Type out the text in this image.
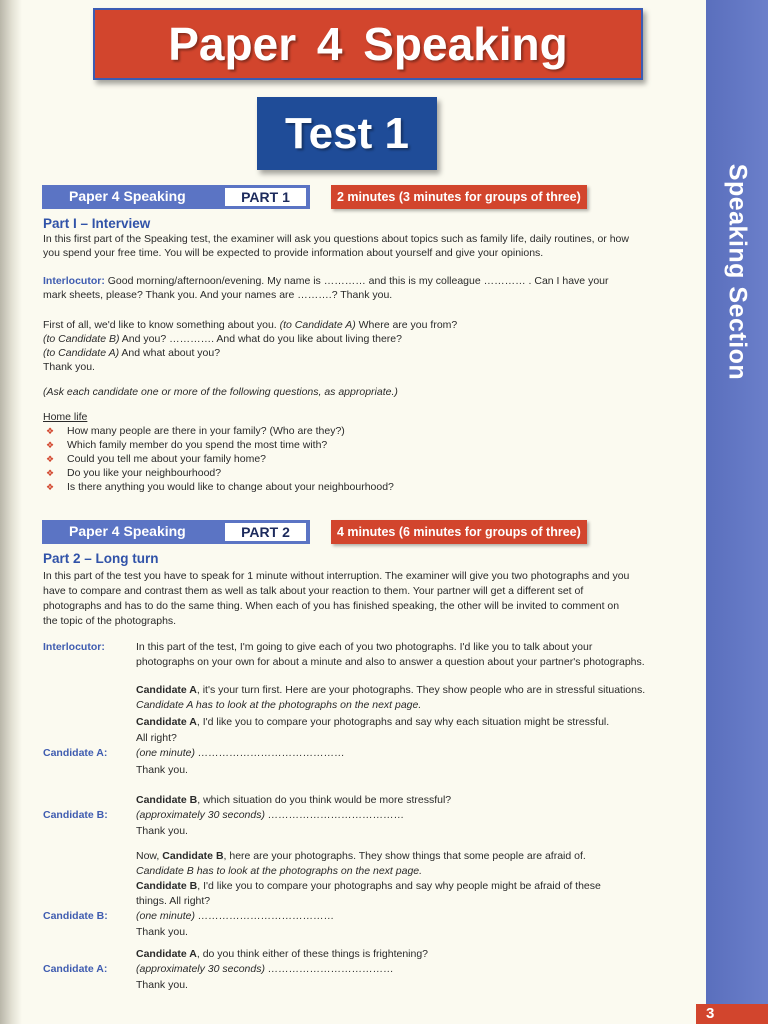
Speaking Section
3
Paper 4 Speaking
Test 1
Paper 4 Speaking	PART 1	2 minutes (3 minutes for groups of three)
Part I – Interview
In this first part of the Speaking test, the examiner will ask you questions about topics such as family life, daily routines, or how
you spend your free time. You will be expected to provide information about yourself and give your opinions.
Interlocutor: Good morning/afternoon/evening. My name is ………… and this is my colleague ………… . Can I have your
mark sheets, please? Thank you. And your names are ……….? Thank you.
First of all, we'd like to know something about you. (to Candidate A) Where are you from?
(to Candidate B) And you? …………. And what do you like about living there?
(to Candidate A) And what about you?
Thank you.
(Ask each candidate one or more of the following questions, as appropriate.)
Home life
❖ How many people are there in your family? (Who are they?)
❖ Which family member do you spend the most time with?
❖ Could you tell me about your family home?
❖ Do you like your neighbourhood?
❖ Is there anything you would like to change about your neighbourhood?
Paper 4 Speaking	PART 2	4 minutes (6 minutes for groups of three)
Part 2 – Long turn
In this part of the test you have to speak for 1 minute without interruption. The examiner will give you two photographs and you
have to compare and contrast them as well as talk about your reaction to them. Your partner will get a different set of
photographs and has to do the same thing. When each of you has finished speaking, the other will be invited to comment on
the topic of the photographs.
Interlocutor:	In this part of the test, I'm going to give each of you two photographs. I'd like you to talk about your
photographs on your own for about a minute and also to answer a question about your partner's photographs.
Candidate A, it's your turn first. Here are your photographs. They show people who are in stressful situations.
Candidate A has to look at the photographs on the next page.
Candidate A, I'd like you to compare your photographs and say why each situation might be stressful.
All right?
Candidate A:	(one minute) ……………………………………
Thank you.
Candidate B, which situation do you think would be more stressful?
Candidate B:	(approximately 30 seconds) …………………………………
Thank you.
Now, Candidate B, here are your photographs. They show things that some people are afraid of.
Candidate B has to look at the photographs on the next page.
Candidate B, I'd like you to compare your photographs and say why people might be afraid of these
things. All right?
Candidate B:	(one minute) …………………………………
Thank you.
Candidate A, do you think either of these things is frightening?
Candidate A:	(approximately 30 seconds) ………………………………
Thank you.
